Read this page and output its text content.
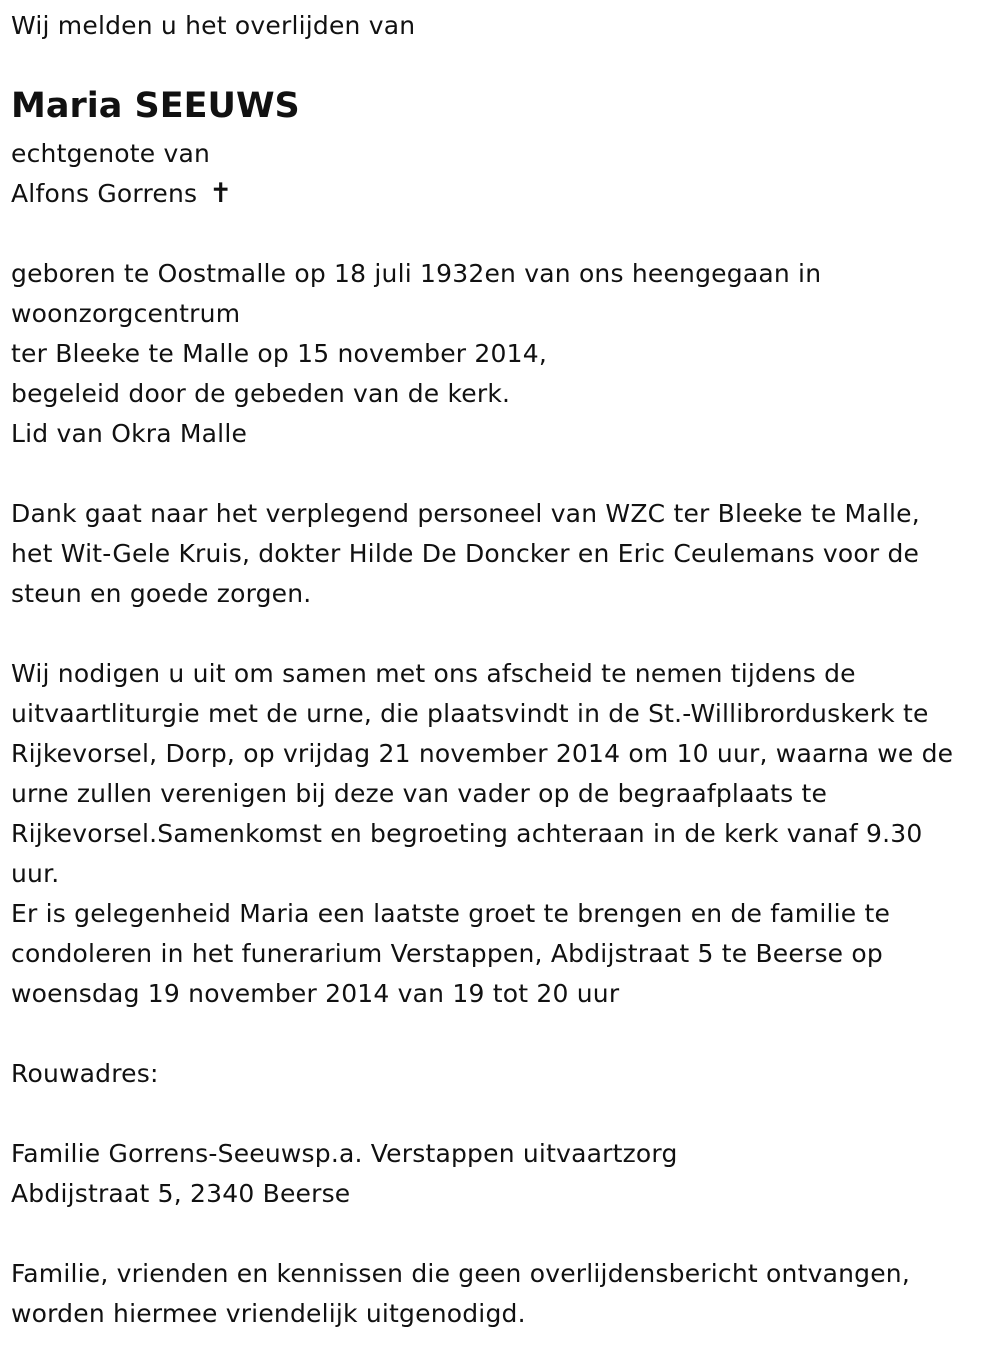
Wij melden u het overlijden van
Maria SEEUWS
echtgenote van
Alfons Gorrens ✝
geboren te Oostmalle op 18 juli 1932en van ons heengegaan in
woonzorgcentrum
ter Bleeke te Malle op 15 november 2014,
begeleid door de gebeden van de kerk.
Lid van Okra Malle
Dank gaat naar het verplegend personeel van WZC ter Bleeke te Malle,
het Wit-Gele Kruis, dokter Hilde De Doncker en Eric Ceulemans voor de
steun en goede zorgen.
Wij nodigen u uit om samen met ons afscheid te nemen tijdens de
uitvaartliturgie met de urne, die plaatsvindt in de St.-Willibrorduskerk te
Rijkevorsel, Dorp, op vrijdag 21 november 2014 om 10 uur, waarna we de
urne zullen verenigen bij deze van vader op de begraafplaats te
Rijkevorsel.Samenkomst en begroeting achteraan in de kerk vanaf 9.30
uur.
Er is gelegenheid Maria een laatste groet te brengen en de familie te
condoleren in het funerarium Verstappen, Abdijstraat 5 te Beerse op
woensdag 19 november 2014 van 19 tot 20 uur
Rouwadres:
Familie Gorrens-Seeuwsp.a. Verstappen uitvaartzorg
Abdijstraat 5, 2340 Beerse
Familie, vrienden en kennissen die geen overlijdensbericht ontvangen,
worden hiermee vriendelijk uitgenodigd.
